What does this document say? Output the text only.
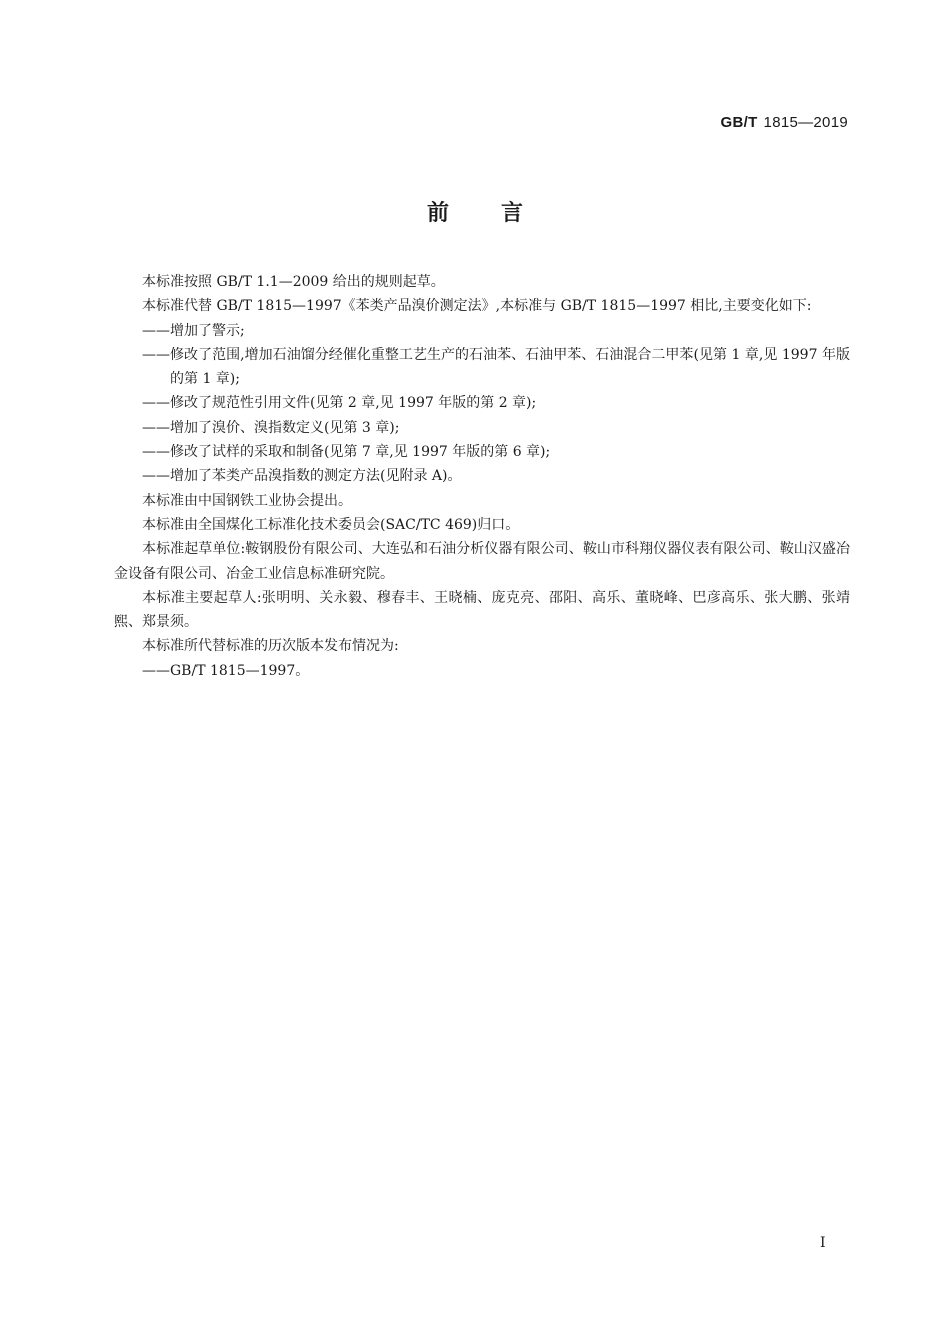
GB/T 1815—2019
前言

本标准按照 GB/T 1.1—2009 给出的规则起草。

本标准代替 GB/T 1815—1997《苯类产品溴价测定法》,本标准与 GB/T 1815—1997 相比,主要变化如下:

——增加了警示;

——修改了范围,增加石油馏分经催化重整工艺生产的石油苯、石油甲苯、石油混合二甲苯(见第 1 章,见 1997 年版的第 1 章);

——修改了规范性引用文件(见第 2 章,见 1997 年版的第 2 章);

——增加了溴价、溴指数定义(见第 3 章);

——修改了试样的采取和制备(见第 7 章,见 1997 年版的第 6 章);

——增加了苯类产品溴指数的测定方法(见附录 A)。

本标准由中国钢铁工业协会提出。

本标准由全国煤化工标准化技术委员会(SAC/TC 469)归口。

本标准起草单位:鞍钢股份有限公司、大连弘和石油分析仪器有限公司、鞍山市科翔仪器仪表有限公司、鞍山汉盛冶金设备有限公司、冶金工业信息标准研究院。

本标准主要起草人:张明明、关永毅、穆春丰、王晓楠、庞克亮、邵阳、高乐、董晓峰、巴彦高乐、张大鹏、张靖熙、郑景须。

本标准所代替标准的历次版本发布情况为:

——GB/T 1815—1997。

I
